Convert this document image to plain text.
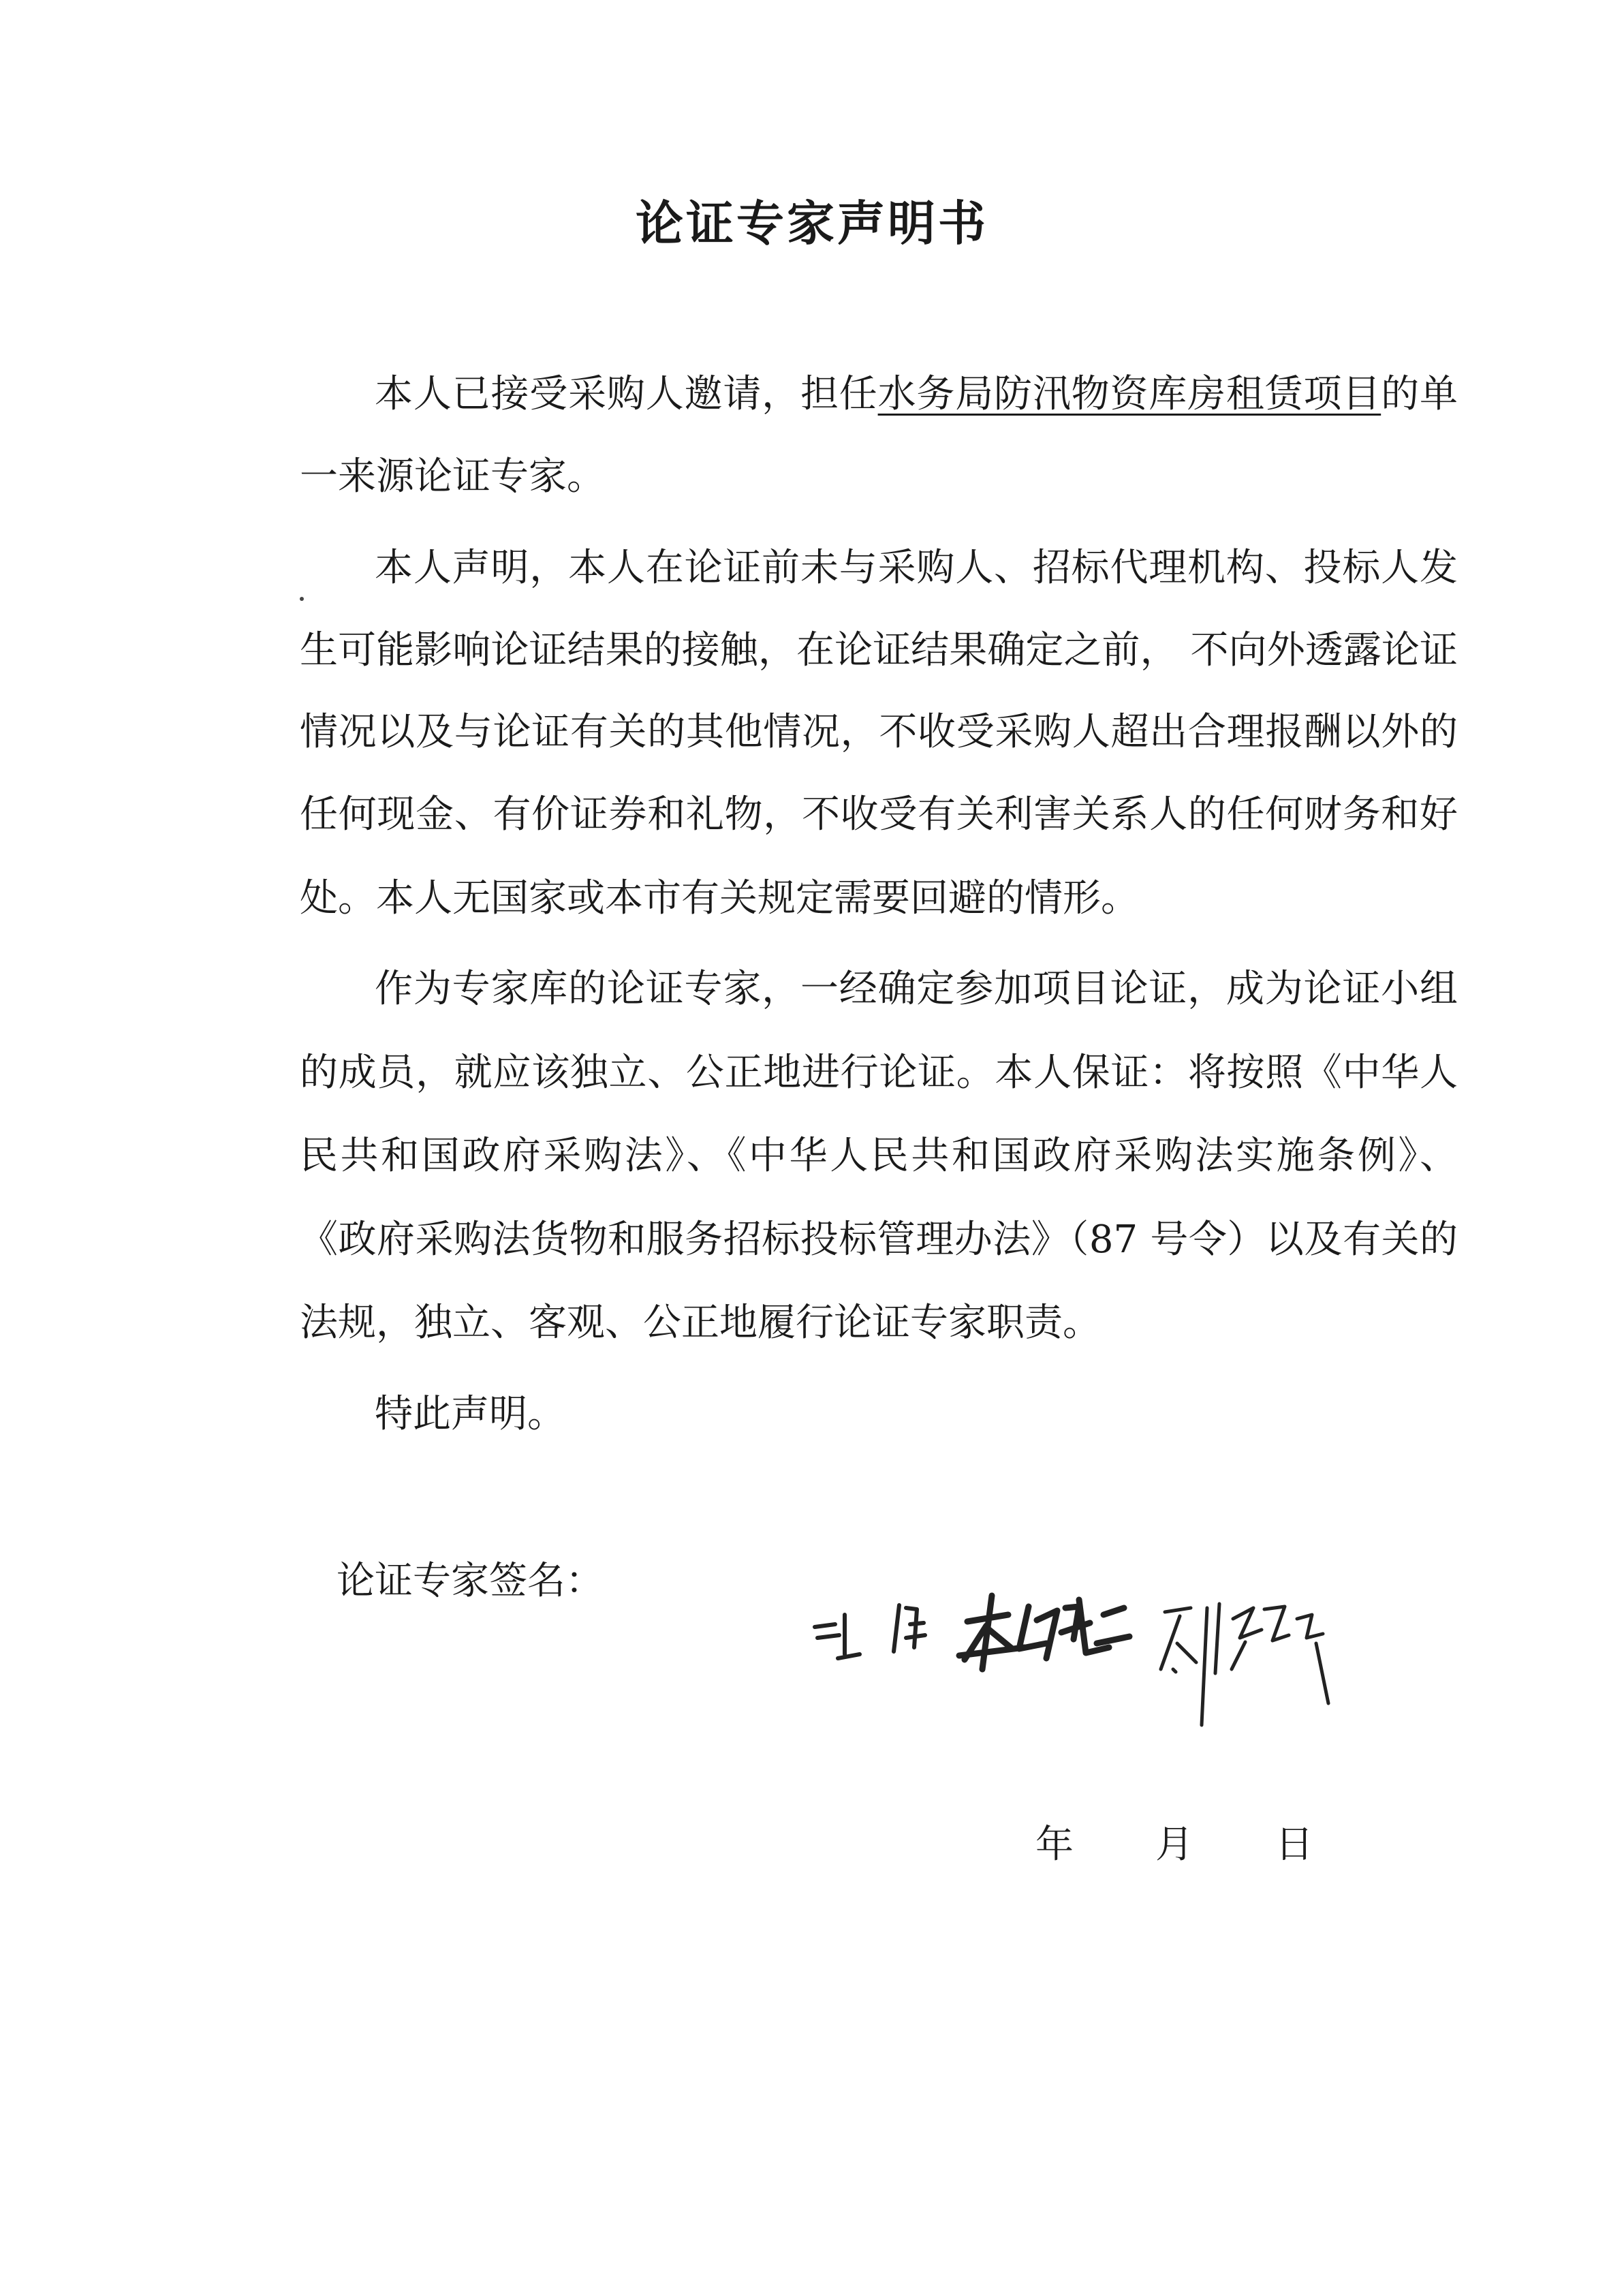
论证专家声明书
本人已接受采购人邀请，担任水务局防汛物资库房租赁项目的单
一来源论证专家。
本人声明，本人在论证前未与采购人、招标代理机构、投标人发
生可能影响论证结果的接触，在论证结果确定之前， 不向外透露论证
情况以及与论证有关的其他情况，不收受采购人超出合理报酬以外的
任何现金、有价证券和礼物，不收受有关利害关系人的任何财务和好
处。本人无国家或本市有关规定需要回避的情形。
作为专家库的论证专家，一经确定参加项目论证，成为论证小组
的成员，就应该独立、公正地进行论证。本人保证：将按照《中华人
民共和国政府采购法》、《中华人民共和国政府采购法实施条例》、
《政府采购法货物和服务招标投标管理办法》（87 号令）以及有关的
法规，独立、客观、公正地履行论证专家职责。
特此声明。
论证专家签名：
年 月 日
